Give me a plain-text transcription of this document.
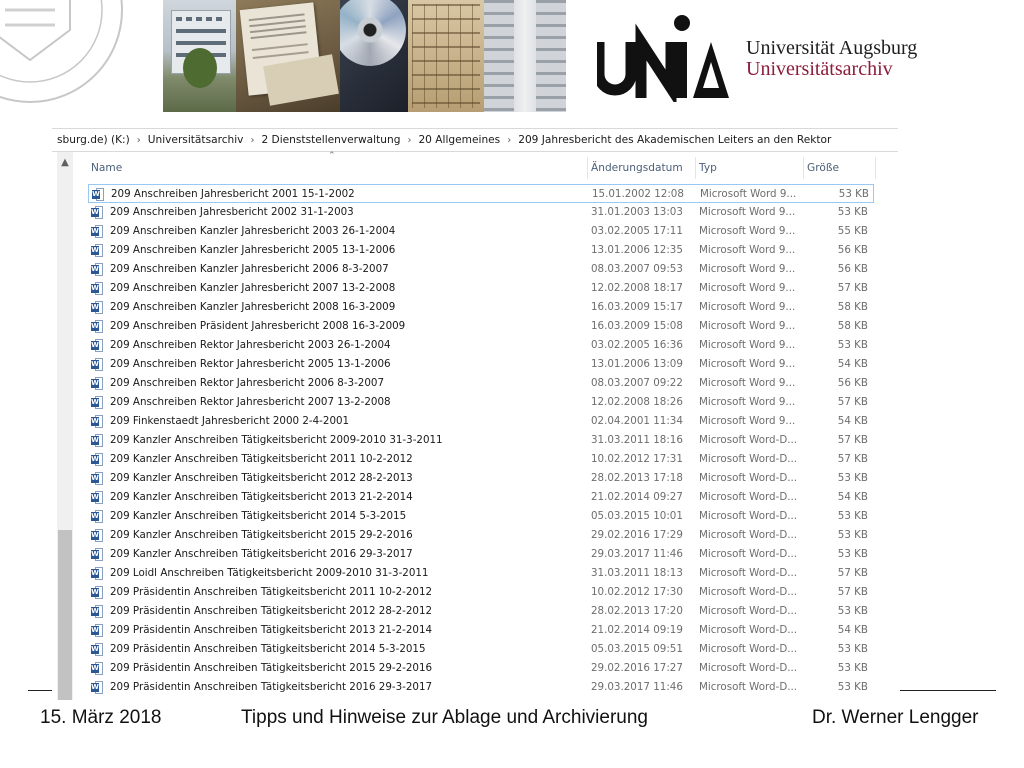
Universität Augsburg
Universitätsarchiv
sburg.de) (K:) › Universitätsarchiv › 2 Dienststellenverwaltung › 20 Allgemeines › 209 Jahresbericht des Akademischen Leiters an den Rektor
▲
⌃
Name	Änderungsdatum	Typ	Größe
W 209 Anschreiben Jahresbericht 2001 15-1-2002	15.01.2002 12:08 Microsoft Word 9...	53 KB
W 209 Anschreiben Jahresbericht 2002 31-1-2003	31.01.2003 13:03 Microsoft Word 9...	53 KB
W 209 Anschreiben Kanzler Jahresbericht 2003 26-1-2004	03.02.2005 17:11 Microsoft Word 9...	55 KB
W 209 Anschreiben Kanzler Jahresbericht 2005 13-1-2006	13.01.2006 12:35 Microsoft Word 9...	56 KB
W 209 Anschreiben Kanzler Jahresbericht 2006 8-3-2007	08.03.2007 09:53 Microsoft Word 9...	56 KB
W 209 Anschreiben Kanzler Jahresbericht 2007 13-2-2008	12.02.2008 18:17 Microsoft Word 9...	57 KB
W 209 Anschreiben Kanzler Jahresbericht 2008 16-3-2009	16.03.2009 15:17 Microsoft Word 9...	58 KB
W 209 Anschreiben Präsident Jahresbericht 2008 16-3-2009	16.03.2009 15:08 Microsoft Word 9...	58 KB
W 209 Anschreiben Rektor Jahresbericht 2003 26-1-2004	03.02.2005 16:36 Microsoft Word 9...	53 KB
W 209 Anschreiben Rektor Jahresbericht 2005 13-1-2006	13.01.2006 13:09 Microsoft Word 9...	54 KB
W 209 Anschreiben Rektor Jahresbericht 2006 8-3-2007	08.03.2007 09:22 Microsoft Word 9...	56 KB
W 209 Anschreiben Rektor Jahresbericht 2007 13-2-2008	12.02.2008 18:26 Microsoft Word 9...	57 KB
W 209 Finkenstaedt Jahresbericht 2000 2-4-2001	02.04.2001 11:34 Microsoft Word 9...	54 KB
W 209 Kanzler Anschreiben Tätigkeitsbericht 2009-2010 31-3-2011	31.03.2011 18:16 Microsoft Word-D...	57 KB
W 209 Kanzler Anschreiben Tätigkeitsbericht 2011 10-2-2012	10.02.2012 17:31 Microsoft Word-D...	57 KB
W 209 Kanzler Anschreiben Tätigkeitsbericht 2012 28-2-2013	28.02.2013 17:18 Microsoft Word-D...	53 KB
W 209 Kanzler Anschreiben Tätigkeitsbericht 2013 21-2-2014	21.02.2014 09:27 Microsoft Word-D...	54 KB
W 209 Kanzler Anschreiben Tätigkeitsbericht 2014 5-3-2015	05.03.2015 10:01 Microsoft Word-D...	53 KB
W 209 Kanzler Anschreiben Tätigkeitsbericht 2015 29-2-2016	29.02.2016 17:29 Microsoft Word-D...	53 KB
W 209 Kanzler Anschreiben Tätigkeitsbericht 2016 29-3-2017	29.03.2017 11:46 Microsoft Word-D...	53 KB
W 209 Loidl Anschreiben Tätigkeitsbericht 2009-2010 31-3-2011	31.03.2011 18:13 Microsoft Word-D...	57 KB
W 209 Präsidentin Anschreiben Tätigkeitsbericht 2011 10-2-2012	10.02.2012 17:30 Microsoft Word-D...	57 KB
W 209 Präsidentin Anschreiben Tätigkeitsbericht 2012 28-2-2012	28.02.2013 17:20 Microsoft Word-D...	53 KB
W 209 Präsidentin Anschreiben Tätigkeitsbericht 2013 21-2-2014	21.02.2014 09:19 Microsoft Word-D...	54 KB
W 209 Präsidentin Anschreiben Tätigkeitsbericht 2014 5-3-2015	05.03.2015 09:51 Microsoft Word-D...	53 KB
W 209 Präsidentin Anschreiben Tätigkeitsbericht 2015 29-2-2016	29.02.2016 17:27 Microsoft Word-D...	53 KB
W 209 Präsidentin Anschreiben Tätigkeitsbericht 2016 29-3-2017	29.03.2017 11:46 Microsoft Word-D...	53 KB
15. März 2018	Tipps und Hinweise zur Ablage und Archivierung	Dr. Werner Lengger
